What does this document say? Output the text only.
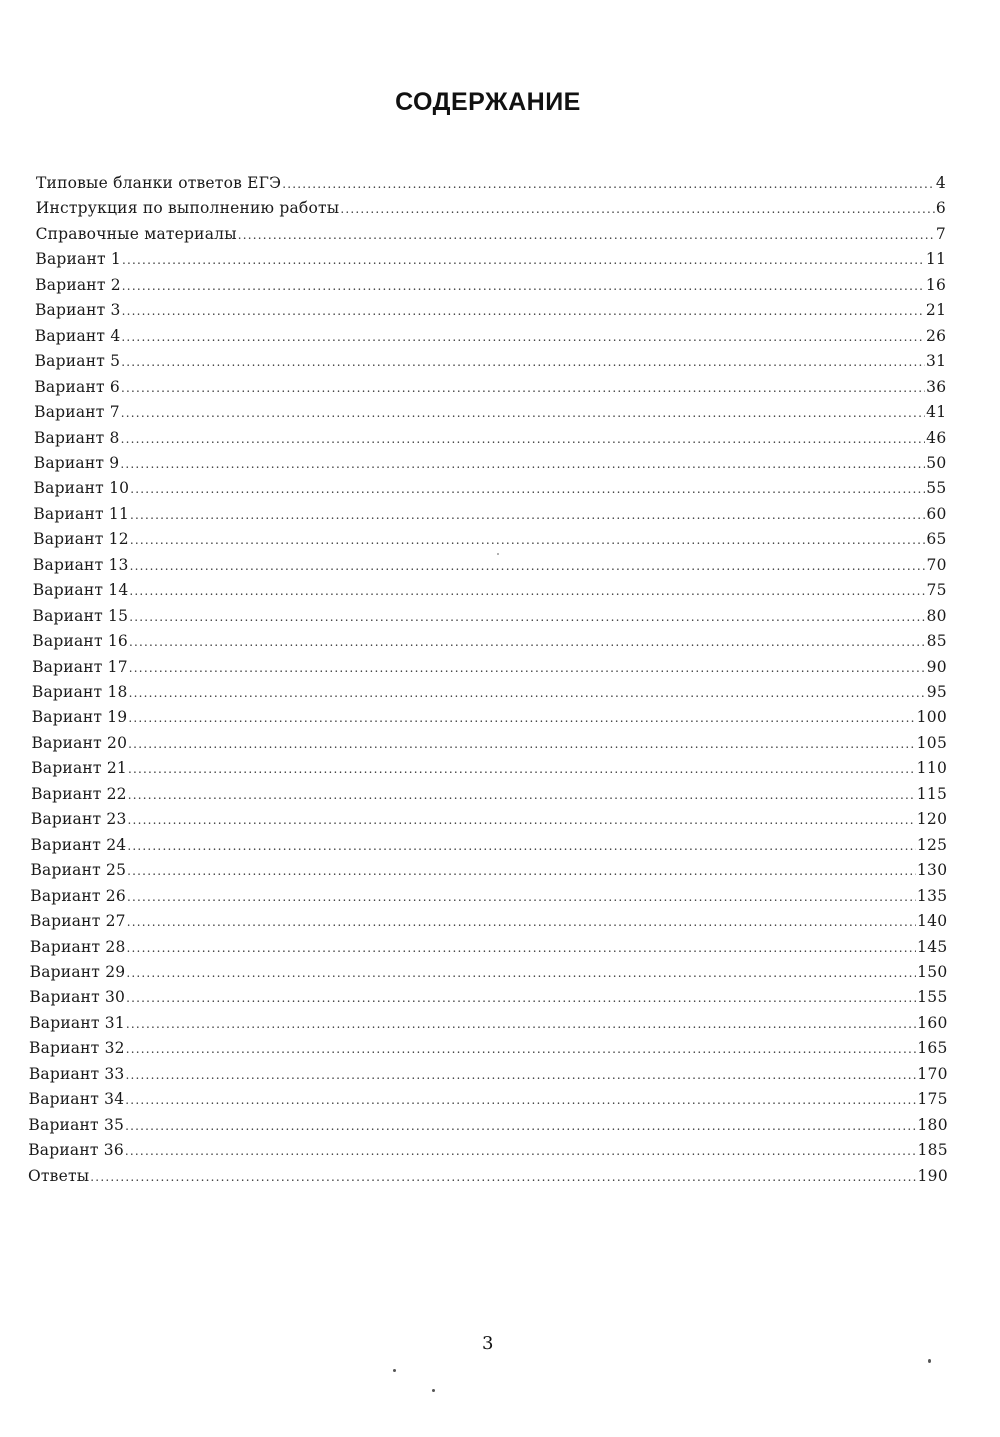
СОДЕРЖАНИЕ
Типовые бланки ответов ЕГЭ .....	4
Инструкция по выполнению работы .....	6
Справочные материалы .....	7
Вариант 1 .....	11
Вариант 2 .....	16
Вариант 3 .....	21
Вариант 4 .....	26
Вариант 5 .....	31
Вариант 6 .....	36
Вариант 7 .....	41
Вариант 8 .....	46
Вариант 9 .....	50
Вариант 10 .....	55
Вариант 11 .....	60
Вариант 12 .....	65
Вариант 13 .....	70
Вариант 14 .....	75
Вариант 15 .....	80
Вариант 16 .....	85
Вариант 17 .....	90
Вариант 18 .....	95
Вариант 19 .....	100
Вариант 20 .....	105
Вариант 21 .....	110
Вариант 22 .....	115
Вариант 23 .....	120
Вариант 24 .....	125
Вариант 25 .....	130
Вариант 26 .....	135
Вариант 27 .....	140
Вариант 28 .....	145
Вариант 29 .....	150
Вариант 30 .....	155
Вариант 31 .....	160
Вариант 32 .....	165
Вариант 33 .....	170
Вариант 34 .....	175
Вариант 35 .....	180
Вариант 36 .....	185
Ответы .....	190
3
